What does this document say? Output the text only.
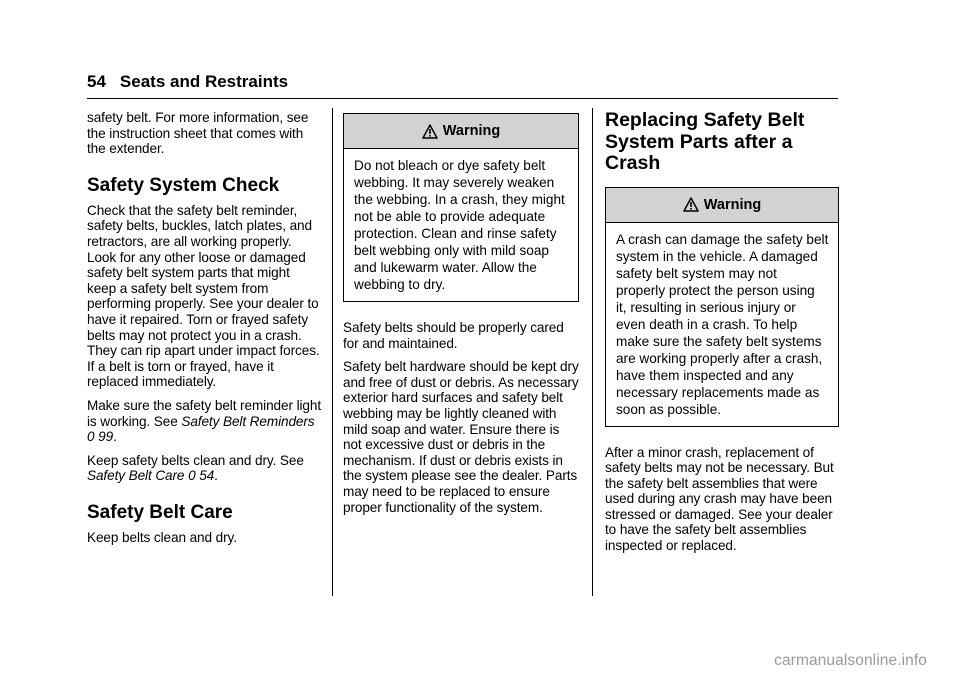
54 Seats and Restraints

safety belt. For more information, see the instruction sheet that comes with the extender.

Safety System Check

Check that the safety belt reminder, safety belts, buckles, latch plates, and retractors, are all working properly. Look for any other loose or damaged safety belt system parts that might keep a safety belt system from performing properly. See your dealer to have it repaired. Torn or frayed safety belts may not protect you in a crash. They can rip apart under impact forces. If a belt is torn or frayed, have it replaced immediately.

Make sure the safety belt reminder light is working. See Safety Belt Reminders 0 99.

Keep safety belts clean and dry. See Safety Belt Care 0 54.

Safety Belt Care

Keep belts clean and dry.

Warning
Do not bleach or dye safety belt webbing. It may severely weaken the webbing. In a crash, they might not be able to provide adequate protection. Clean and rinse safety belt webbing only with mild soap and lukewarm water. Allow the webbing to dry.

Safety belts should be properly cared for and maintained.

Safety belt hardware should be kept dry and free of dust or debris. As necessary exterior hard surfaces and safety belt webbing may be lightly cleaned with mild soap and water. Ensure there is not excessive dust or debris in the mechanism. If dust or debris exists in the system please see the dealer. Parts may need to be replaced to ensure proper functionality of the system.

Replacing Safety Belt System Parts after a Crash
Warning
A crash can damage the safety belt system in the vehicle. A damaged safety belt system may not properly protect the person using it, resulting in serious injury or even death in a crash. To help make sure the safety belt systems are working properly after a crash, have them inspected and any necessary replacements made as soon as possible.

After a minor crash, replacement of safety belts may not be necessary. But the safety belt assemblies that were used during any crash may have been stressed or damaged. See your dealer to have the safety belt assemblies inspected or replaced.

carmanualsonline.info
